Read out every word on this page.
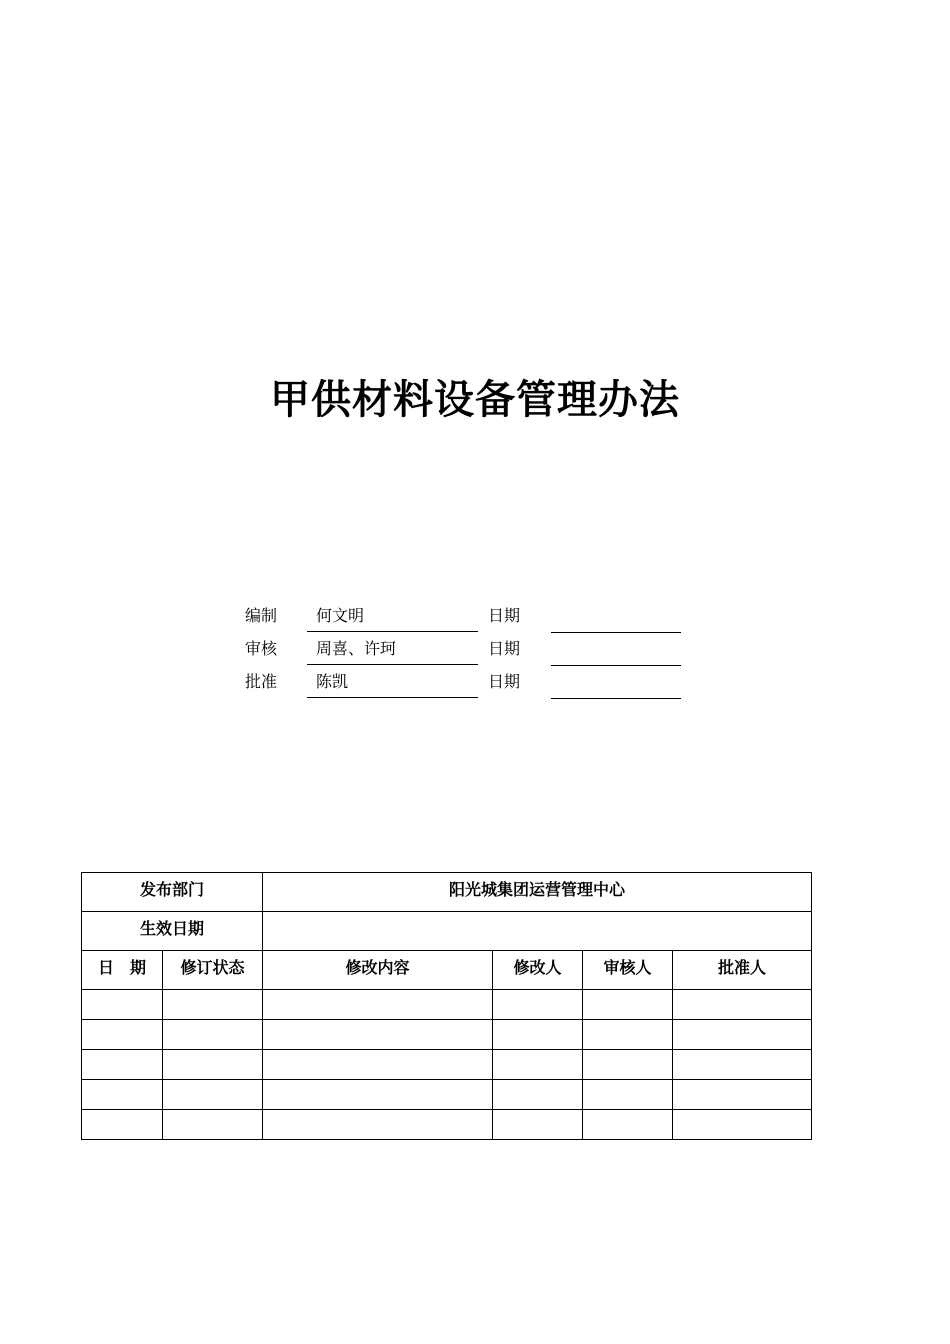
甲供材料设备管理办法
编制	何文明	日期
审核	周喜、许珂	日期
批准	陈凯	日期
发布部门		阳光城集团运营管理中心			
生效日期					
日　期	修订状态	修改内容	修改人	审核人	批准人
